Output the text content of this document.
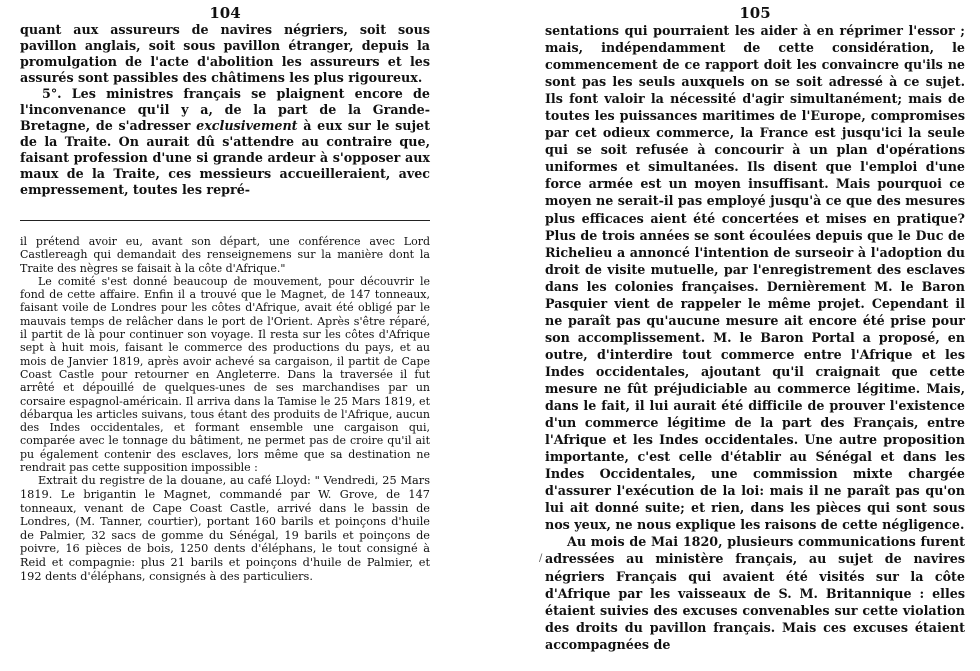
104

quant aux assureurs de navires négriers, soit sous pavillon anglais, soit sous pavillon étranger, depuis la promulgation de l'acte d'abolition les assureurs et les assurés sont passibles des châtimens les plus rigoureux.

5°. Les ministres français se plaignent encore de l'inconvenance qu'il y a, de la part de la Grande-Bretagne, de s'adresser exclusivement à eux sur le sujet de la Traite. On aurait dû s'attendre au contraire que, faisant profession d'une si grande ardeur à s'opposer aux maux de la Traite, ces messieurs accueilleraient, avec empressement, toutes les repré-

il prétend avoir eu, avant son départ, une conférence avec Lord Castlereagh qui demandait des renseignemens sur la manière dont la Traite des nègres se faisait à la côte d'Afrique."

Le comité s'est donné beaucoup de mouvement, pour découvrir le fond de cette affaire. Enfin il a trouvé que le Magnet, de 147 tonneaux, faisant voile de Londres pour les côtes d'Afrique, avait été obligé par le mauvais temps de relâcher dans le port de l'Orient. Après s'être réparé, il partit de là pour continuer son voyage. Il resta sur les côtes d'Afrique sept à huit mois, faisant le commerce des productions du pays, et au mois de Janvier 1819, après avoir achevé sa cargaison, il partit de Cape Coast Castle pour retourner en Angleterre. Dans la traversée il fut arrêté et dépouillé de quelques-unes de ses marchandises par un corsaire espagnol-américain. Il arriva dans la Tamise le 25 Mars 1819, et débarqua les articles suivans, tous étant des produits de l'Afrique, aucun des Indes occidentales, et formant ensemble une cargaison qui, comparée avec le tonnage du bâtiment, ne permet pas de croire qu'il ait pu également contenir des esclaves, lors même que sa destination ne rendrait pas cette supposition impossible :

Extrait du registre de la douane, au café Lloyd: " Vendredi, 25 Mars 1819. Le brigantin le Magnet, commandé par W. Grove, de 147 tonneaux, venant de Cape Coast Castle, arrivé dans le bassin de Londres, (M. Tanner, courtier), portant 160 barils et poinçons d'huile de Palmier, 32 sacs de gomme du Sénégal, 19 barils et poinçons de poivre, 16 pièces de bois, 1250 dents d'éléphans, le tout consigné à Reid et compagnie: plus 21 barils et poinçons d'huile de Palmier, et 192 dents d'éléphans, consignés à des particuliers.

/
105

sentations qui pourraient les aider à en réprimer l'essor ; mais, indépendamment de cette considération, le commencement de ce rapport doit les convaincre qu'ils ne sont pas les seuls auxquels on se soit adressé à ce sujet. Ils font valoir la nécessité d'agir simultanément; mais de toutes les puissances maritimes de l'Europe, compromises par cet odieux commerce, la France est jusqu'ici la seule qui se soit refusée à concourir à un plan d'opérations uniformes et simultanées. Ils disent que l'emploi d'une force armée est un moyen insuffisant. Mais pourquoi ce moyen ne serait-il pas employé jusqu'à ce que des mesures plus efficaces aient été concertées et mises en pratique? Plus de trois années se sont écoulées depuis que le Duc de Richelieu a annoncé l'intention de surseoir à l'adoption du droit de visite mutuelle, par l'enregistrement des esclaves dans les colonies françaises. Dernièrement M. le Baron Pasquier vient de rappeler le même projet. Cependant il ne paraît pas qu'aucune mesure ait encore été prise pour son accomplissement. M. le Baron Portal a proposé, en outre, d'interdire tout commerce entre l'Afrique et les Indes occidentales, ajoutant qu'il craignait que cette mesure ne fût préjudiciable au commerce légitime. Mais, dans le fait, il lui aurait été difficile de prouver l'existence d'un commerce légitime de la part des Français, entre l'Afrique et les Indes occidentales. Une autre proposition importante, c'est celle d'établir au Sénégal et dans les Indes Occidentales, une commission mixte chargée d'assurer l'exécution de la loi: mais il ne paraît pas qu'on lui ait donné suite; et rien, dans les pièces qui sont sous nos yeux, ne nous explique les raisons de cette négligence.

Au mois de Mai 1820, plusieurs communications furent adressées au ministère français, au sujet de navires négriers Français qui avaient été visités sur la côte d'Afrique par les vaisseaux de S. M. Britannique : elles étaient suivies des excuses convenables sur cette violation des droits du pavillon français. Mais ces excuses étaient accompagnées de
